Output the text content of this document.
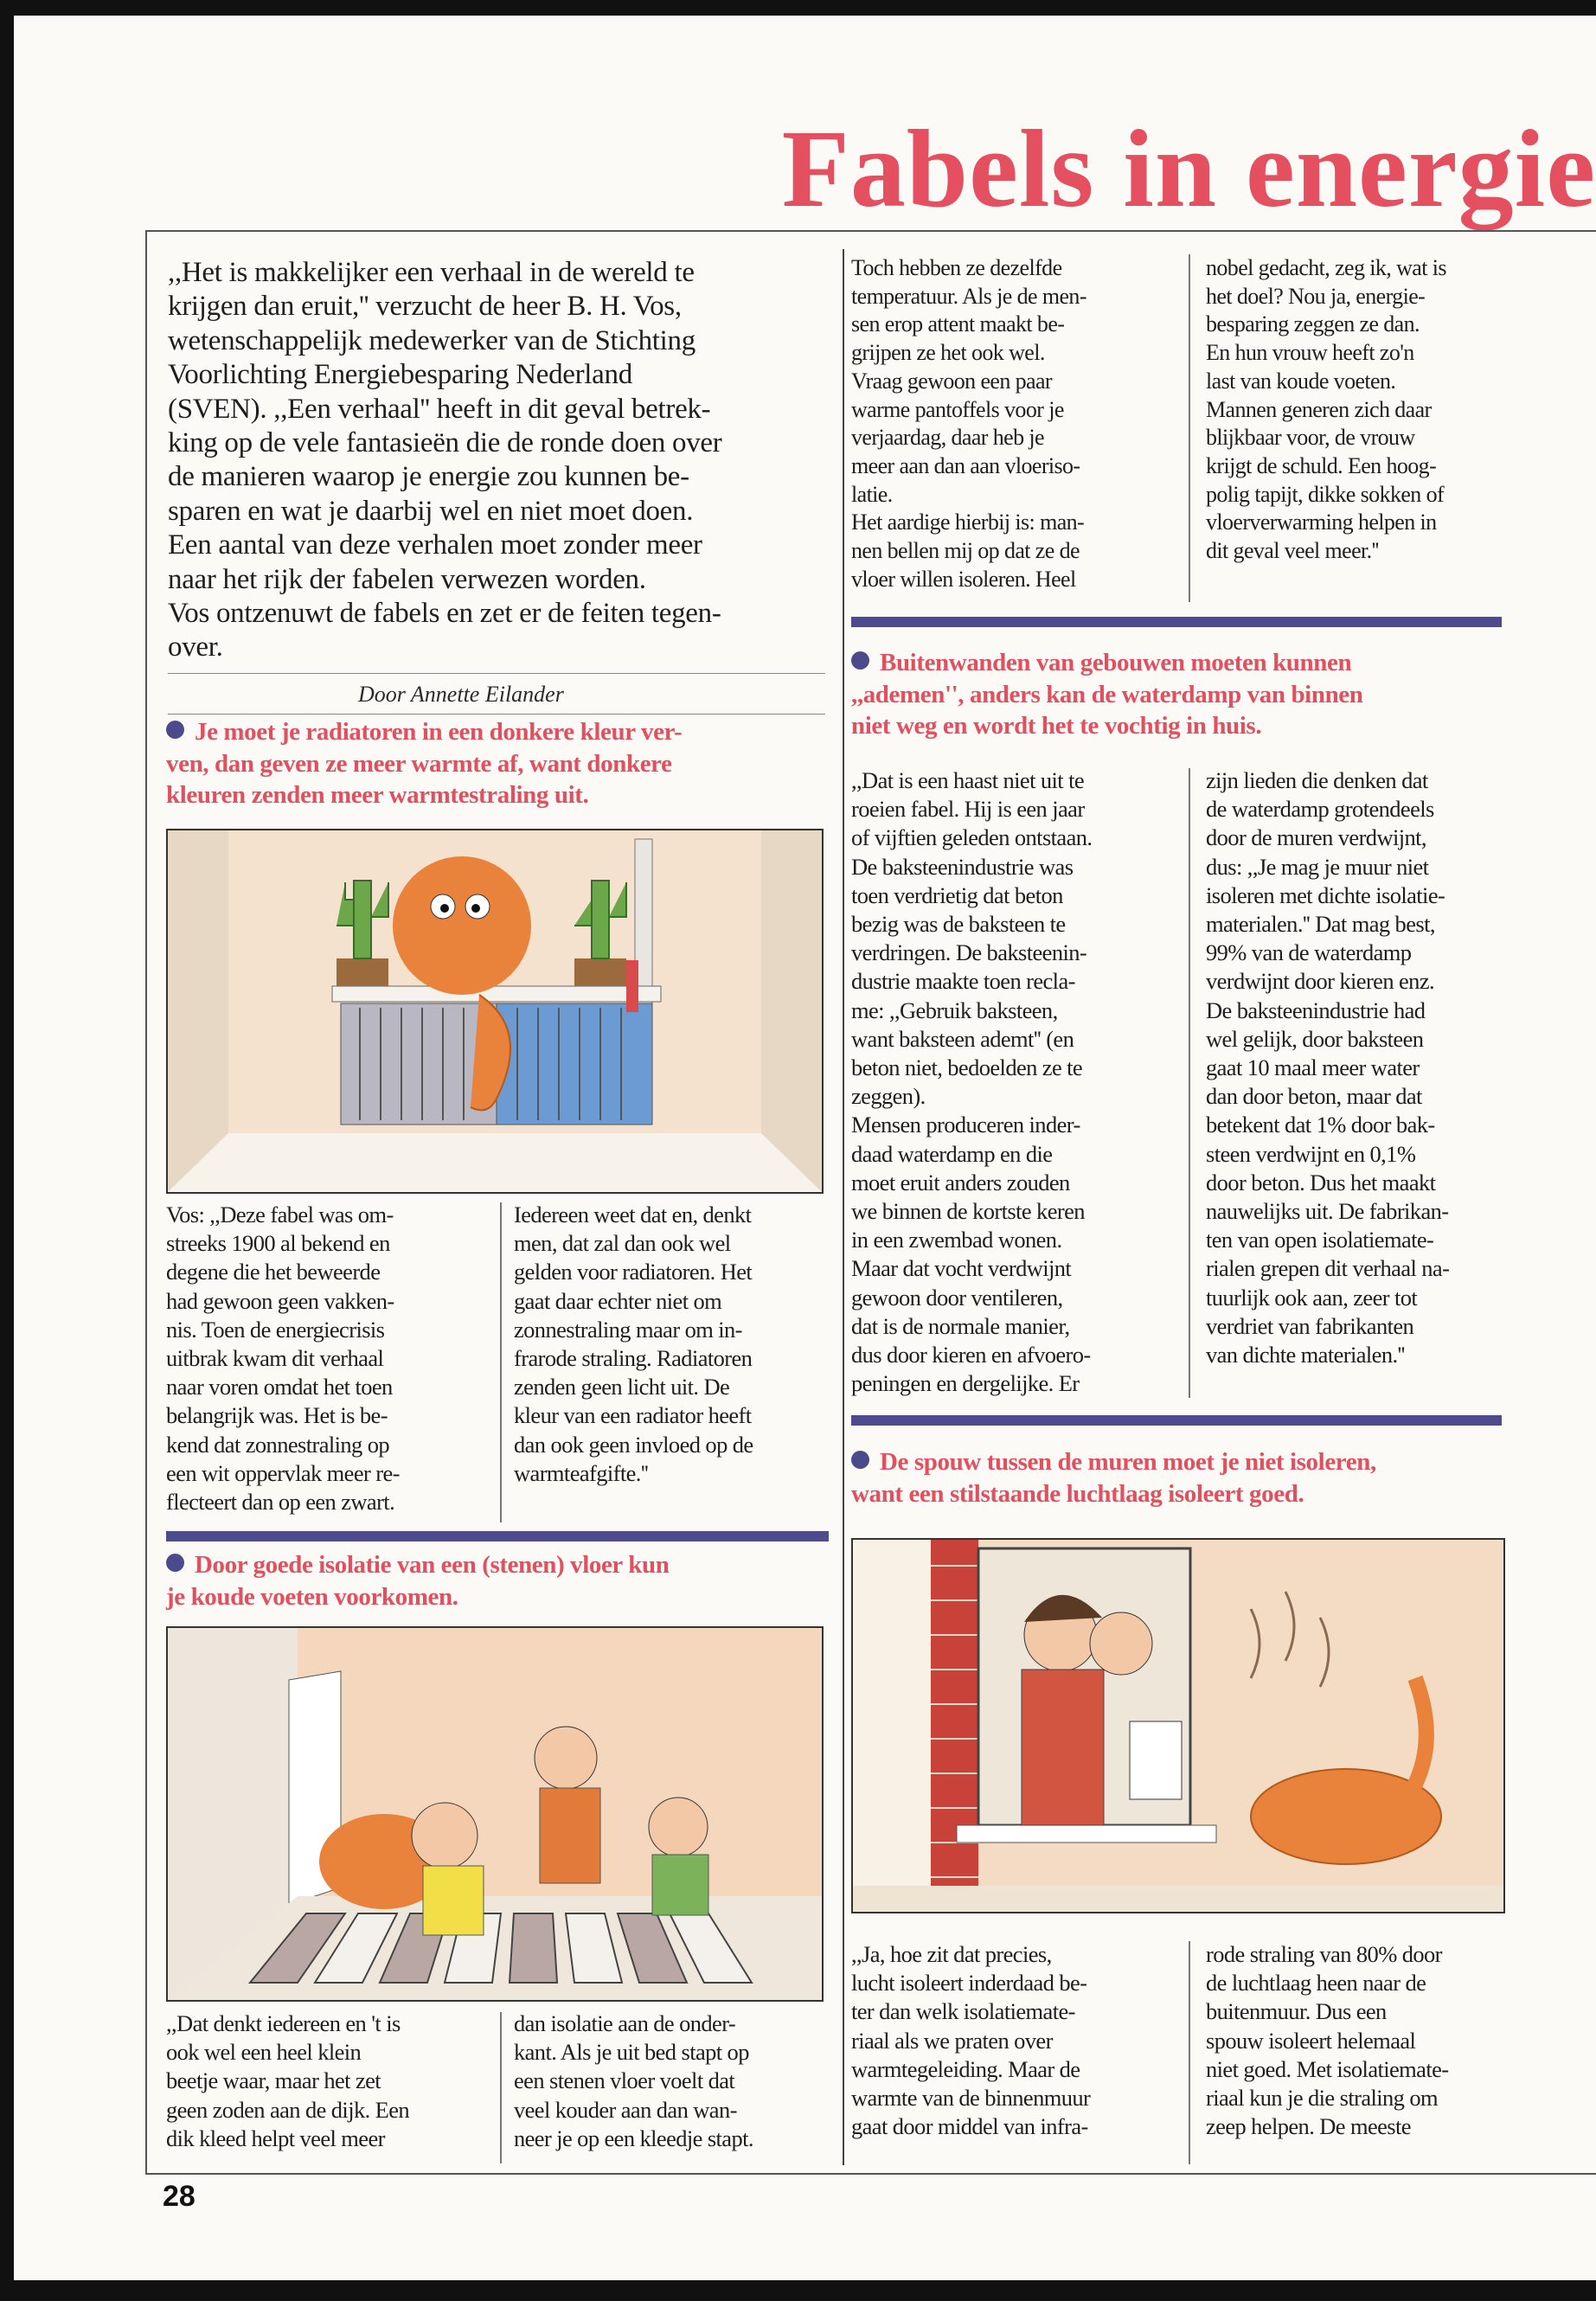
Fabels in energie
,,Het is makkelijker een verhaal in de wereld te
krijgen dan eruit,'' verzucht de heer B. H. Vos,
wetenschappelijk medewerker van de Stichting
Voorlichting Energiebesparing Nederland
(SVEN). ,,Een verhaal'' heeft in dit geval betrek-
king op de vele fantasieën die de ronde doen over
de manieren waarop je energie zou kunnen be-
sparen en wat je daarbij wel en niet moet doen.
Een aantal van deze verhalen moet zonder meer
naar het rijk der fabelen verwezen worden.
Vos ontzenuwt de fabels en zet er de feiten tegen-
over.
Door Annette Eilander
Je moet je radiatoren in een donkere kleur ver-
ven, dan geven ze meer warmte af, want donkere
kleuren zenden meer warmtestraling uit.
Vos: ,,Deze fabel was om-
streeks 1900 al bekend en
degene die het beweerde
had gewoon geen vakken-
nis. Toen de energiecrisis
uitbrak kwam dit verhaal
naar voren omdat het toen
belangrijk was. Het is be-
kend dat zonnestraling op
een wit oppervlak meer re-
flecteert dan op een zwart.
Iedereen weet dat en, denkt
men, dat zal dan ook wel
gelden voor radiatoren. Het
gaat daar echter niet om
zonnestraling maar om in-
frarode straling. Radiatoren
zenden geen licht uit. De
kleur van een radiator heeft
dan ook geen invloed op de
warmteafgifte.''
Door goede isolatie van een (stenen) vloer kun
je koude voeten voorkomen.
,,Dat denkt iedereen en 't is
ook wel een heel klein
beetje waar, maar het zet
geen zoden aan de dijk. Een
dik kleed helpt veel meer
dan isolatie aan de onder-
kant. Als je uit bed stapt op
een stenen vloer voelt dat
veel kouder aan dan wan-
neer je op een kleedje stapt.
Toch hebben ze dezelfde
temperatuur. Als je de men-
sen erop attent maakt be-
grijpen ze het ook wel.
Vraag gewoon een paar
warme pantoffels voor je
verjaardag, daar heb je
meer aan dan aan vloeriso-
latie.
Het aardige hierbij is: man-
nen bellen mij op dat ze de
vloer willen isoleren. Heel
nobel gedacht, zeg ik, wat is
het doel? Nou ja, energie-
besparing zeggen ze dan.
En hun vrouw heeft zo'n
last van koude voeten.
Mannen generen zich daar
blijkbaar voor, de vrouw
krijgt de schuld. Een hoog-
polig tapijt, dikke sokken of
vloerverwarming helpen in
dit geval veel meer.''
Buitenwanden van gebouwen moeten kunnen
,,ademen'', anders kan de waterdamp van binnen
niet weg en wordt het te vochtig in huis.
,,Dat is een haast niet uit te
roeien fabel. Hij is een jaar
of vijftien geleden ontstaan.
De baksteenindustrie was
toen verdrietig dat beton
bezig was de baksteen te
verdringen. De baksteenin-
dustrie maakte toen recla-
me: ,,Gebruik baksteen,
want baksteen ademt'' (en
beton niet, bedoelden ze te
zeggen).
Mensen produceren inder-
daad waterdamp en die
moet eruit anders zouden
we binnen de kortste keren
in een zwembad wonen.
Maar dat vocht verdwijnt
gewoon door ventileren,
dat is de normale manier,
dus door kieren en afvoero-
peningen en dergelijke. Er
zijn lieden die denken dat
de waterdamp grotendeels
door de muren verdwijnt,
dus: ,,Je mag je muur niet
isoleren met dichte isolatie-
materialen.'' Dat mag best,
99% van de waterdamp
verdwijnt door kieren enz.
De baksteenindustrie had
wel gelijk, door baksteen
gaat 10 maal meer water
dan door beton, maar dat
betekent dat 1% door bak-
steen verdwijnt en 0,1%
door beton. Dus het maakt
nauwelijks uit. De fabrikan-
ten van open isolatiemate-
rialen grepen dit verhaal na-
tuurlijk ook aan, zeer tot
verdriet van fabrikanten
van dichte materialen.''
De spouw tussen de muren moet je niet isoleren,
want een stilstaande luchtlaag isoleert goed.
,,Ja, hoe zit dat precies,
lucht isoleert inderdaad be-
ter dan welk isolatiemate-
riaal als we praten over
warmtegeleiding. Maar de
warmte van de binnenmuur
gaat door middel van infra-
rode straling van 80% door
de luchtlaag heen naar de
buitenmuur. Dus een
spouw isoleert helemaal
niet goed. Met isolatiemate-
riaal kun je die straling om
zeep helpen. De meeste
28
